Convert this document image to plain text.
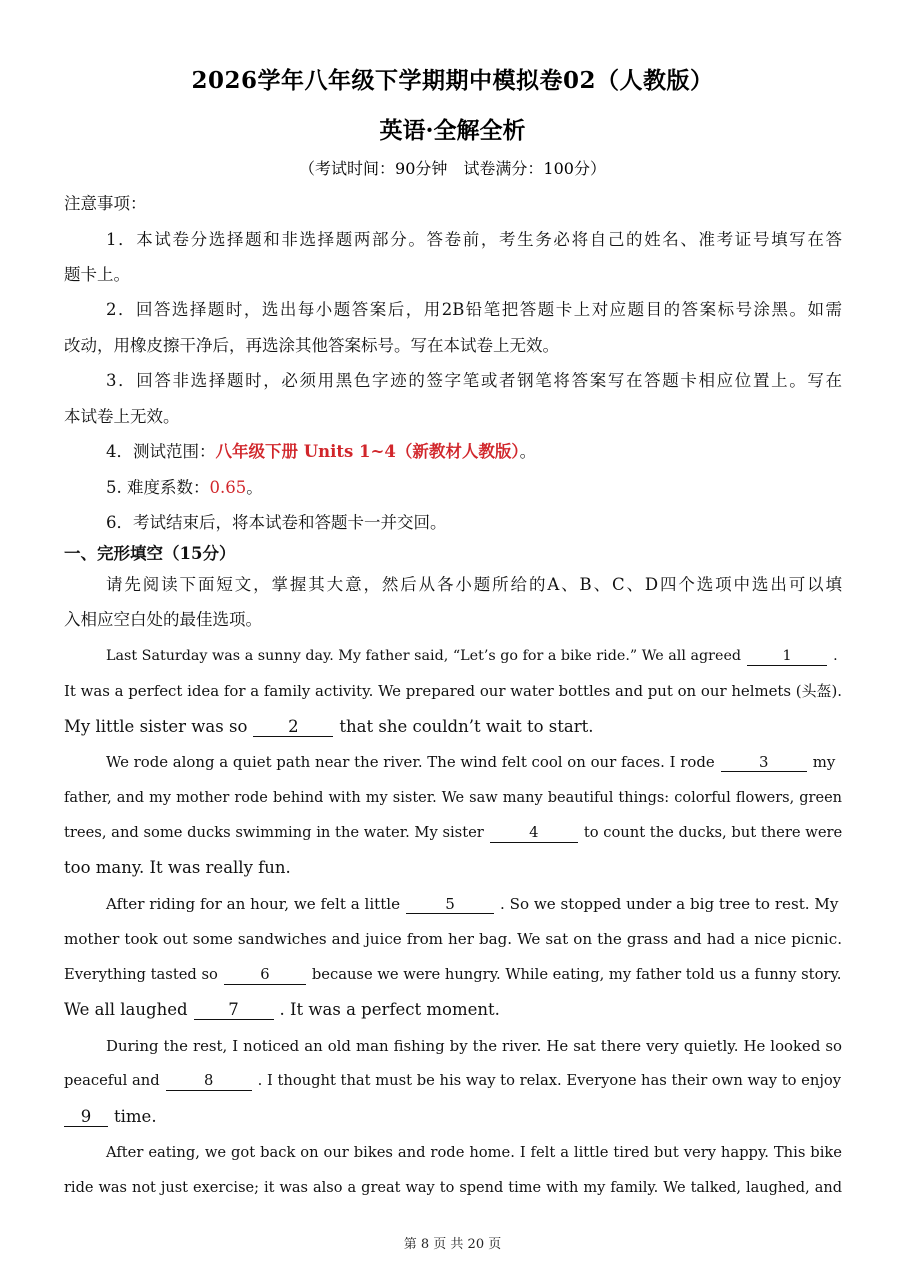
2026学年八年级下学期期中模拟卷02（人教版）
英语·全解全析
（考试时间：90分钟　试卷满分：100分）
注意事项：
1．本试卷分选择题和非选择题两部分。答卷前，考生务必将自己的姓名、准考证号填写在答
题卡上。
2．回答选择题时，选出每小题答案后，用2B铅笔把答题卡上对应题目的答案标号涂黑。如需
改动，用橡皮擦干净后，再选涂其他答案标号。写在本试卷上无效。
3．回答非选择题时，必须用黑色字迹的签字笔或者钢笔将答案写在答题卡相应位置上。写在
本试卷上无效。
4．测试范围：八年级下册 Units 1~4（新教材人教版）。
5. 难度系数：0.65。
6．考试结束后，将本试卷和答题卡一并交回。
一、完形填空（15分）
请先阅读下面短文，掌握其大意，然后从各小题所给的A、B、C、D四个选项中选出可以填
入相应空白处的最佳选项。
Last Saturday was a sunny day. My father said, “Let’s go for a bike ride.” We all agreed	1	.
It was a perfect idea for a family activity. We prepared our water bottles and put on our helmets (头盔).
My little sister was so 2 that she couldn’t wait to start.
We rode along a quiet path near the river. The wind felt cool on our faces. I rode	3	my
father, and my mother rode behind with my sister. We saw many beautiful things: colorful flowers, green
trees, and some ducks swimming in the water. My sister	4	to count the ducks, but there were
too many. It was really fun.
After riding for an hour, we felt a little	5	. So we stopped under a big tree to rest. My
mother took out some sandwiches and juice from her bag. We sat on the grass and had a nice picnic.
Everything tasted so	6	because we were hungry. While eating, my father told us a funny story.
We all laughed 7 . It was a perfect moment.
During the rest, I noticed an old man fishing by the river. He sat there very quietly. He looked so
peaceful and	8	. I thought that must be his way to relax. Everyone has their own way to enjoy
9 time.
After eating, we got back on our bikes and rode home. I felt a little tired but very happy. This bike
ride was not just exercise; it was also a great way to spend time with my family. We talked, laughed, and
第 8 页 共 20 页
